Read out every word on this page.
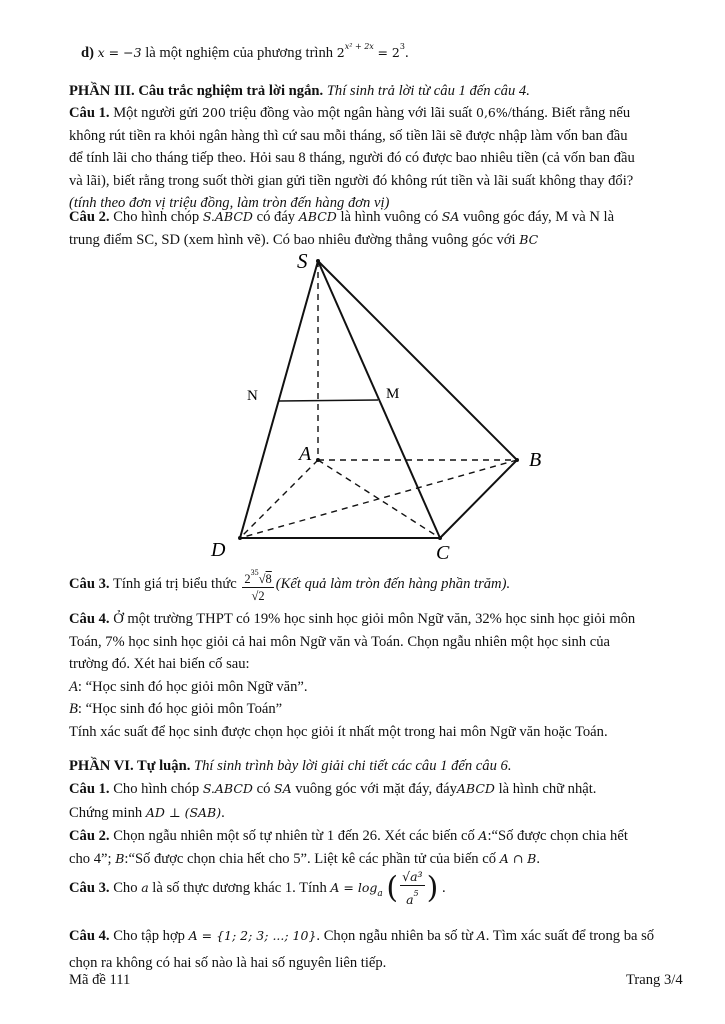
d) x = −3 là một nghiệm của phương trình $2^{x^2 + 2x} = 2^3$.
PHẦN III. Câu trắc nghiệm trả lời ngắn. Thí sinh trả lời từ câu 1 đến câu 4.
Câu 1. Một người gửi 200 triệu đồng vào một ngân hàng với lãi suất 0,6%/tháng. Biết rằng nếu
không rút tiền ra khỏi ngân hàng thì cứ sau mỗi tháng, số tiền lãi sẽ được nhập làm vốn ban đầu
để tính lãi cho tháng tiếp theo. Hỏi sau 8 tháng, người đó có được bao nhiêu tiền (cả vốn ban đầu
và lãi), biết rằng trong suốt thời gian gửi tiền người đó không rút tiền và lãi suất không thay đổi?
(tính theo đơn vị triệu đồng, làm tròn đến hàng đơn vị)
Câu 2. Cho hình chóp S.ABCD có đáy ABCD là hình vuông có SA vuông góc đáy, M và N là
trung điểm SC, SD (xem hình vẽ). Có bao nhiêu đường thẳng vuông góc với BC
S
A	B
C
D
M
N
Câu 3. Tính giá trị biểu thức $\frac{2^{35}√8}{√2}$ (Kết quả làm tròn đến hàng phần trăm).
Câu 4. Ở một trường THPT có 19% học sinh học giỏi môn Ngữ văn, 32% học sinh học giỏi môn
Toán, 7% học sinh học giỏi cả hai môn Ngữ văn và Toán. Chọn ngẫu nhiên một học sinh của
trường đó. Xét hai biến cố sau:
A: “Học sinh đó học giỏi môn Ngữ văn”.
B: “Học sinh đó học giỏi môn Toán”
Tính xác suất để học sinh được chọn học giỏi ít nhất một trong hai môn Ngữ văn hoặc Toán.
PHẦN VI. Tự luận. Thí sinh trình bày lời giải chi tiết các câu 1 đến câu 6.
Câu 1. Cho hình chóp S.ABCD có SA vuông góc với mặt đáy, đáyABCD là hình chữ nhật.
Chứng minh AD ⊥ (SAB).
Câu 2. Chọn ngẫu nhiên một số tự nhiên từ 1 đến 26. Xét các biến cố A:“Số được chọn chia hết
cho 4”; B:“Số được chọn chia hết cho 5”. Liệt kê các phần tử của biến cố A ∩ B.
Câu 3. Cho a là số thực dương khác 1. Tính $A = \log_a$ ( $\frac{\text{√a³}}{a^5}$ ) .
Câu 4. Cho tập hợp A = {1; 2; 3; ...; 10}. Chọn ngẫu nhiên ba số từ A. Tìm xác suất để trong ba số
chọn ra không có hai số nào là hai số nguyên liên tiếp.
Mã đề 111	Trang 3/4
